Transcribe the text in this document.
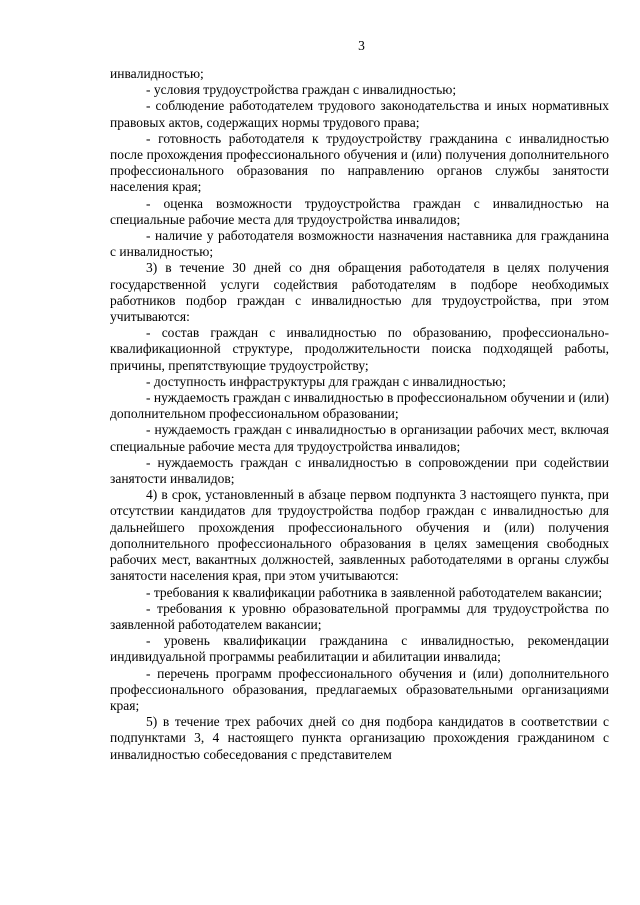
3

инвалидностью;

- условия трудоустройства граждан с инвалидностью;

- соблюдение работодателем трудового законодательства и иных нормативных правовых актов, содержащих нормы трудового права;

- готовность работодателя к трудоустройству гражданина с инвалидностью после прохождения профессионального обучения и (или) получения дополнительного профессионального образования по направлению органов службы занятости населения края;

- оценка возможности трудоустройства граждан с инвалидностью на специальные рабочие места для трудоустройства инвалидов;

- наличие у работодателя возможности назначения наставника для гражданина с инвалидностью;

3) в течение 30 дней со дня обращения работодателя в целях получения государственной услуги содействия работодателям в подборе необходимых работников подбор граждан с инвалидностью для трудоустройства, при этом учитываются:

- состав граждан с инвалидностью по образованию, профессионально-квалификационной структуре, продолжительности поиска подходящей работы, причины, препятствующие трудоустройству;

- доступность инфраструктуры для граждан с инвалидностью;

- нуждаемость граждан с инвалидностью в профессиональном обучении и (или) дополнительном профессиональном образовании;

- нуждаемость граждан с инвалидностью в организации рабочих мест, включая специальные рабочие места для трудоустройства инвалидов;

- нуждаемость граждан с инвалидностью в сопровождении при содействии занятости инвалидов;

4) в срок, установленный в абзаце первом подпункта 3 настоящего пункта, при отсутствии кандидатов для трудоустройства подбор граждан с инвалидностью для дальнейшего прохождения профессионального обучения и (или) получения дополнительного профессионального образования в целях замещения свободных рабочих мест, вакантных должностей, заявленных работодателями в органы службы занятости населения края, при этом учитываются:

- требования к квалификации работника в заявленной работодателем вакансии;

- требования к уровню образовательной программы для трудоустройства по заявленной работодателем вакансии;

- уровень квалификации гражданина с инвалидностью, рекомендации индивидуальной программы реабилитации и абилитации инвалида;

- перечень программ профессионального обучения и (или) дополнительного профессионального образования, предлагаемых образовательными организациями края;

5) в течение трех рабочих дней со дня подбора кандидатов в соответствии с подпунктами 3, 4 настоящего пункта организацию прохождения гражданином с инвалидностью собеседования с представителем
